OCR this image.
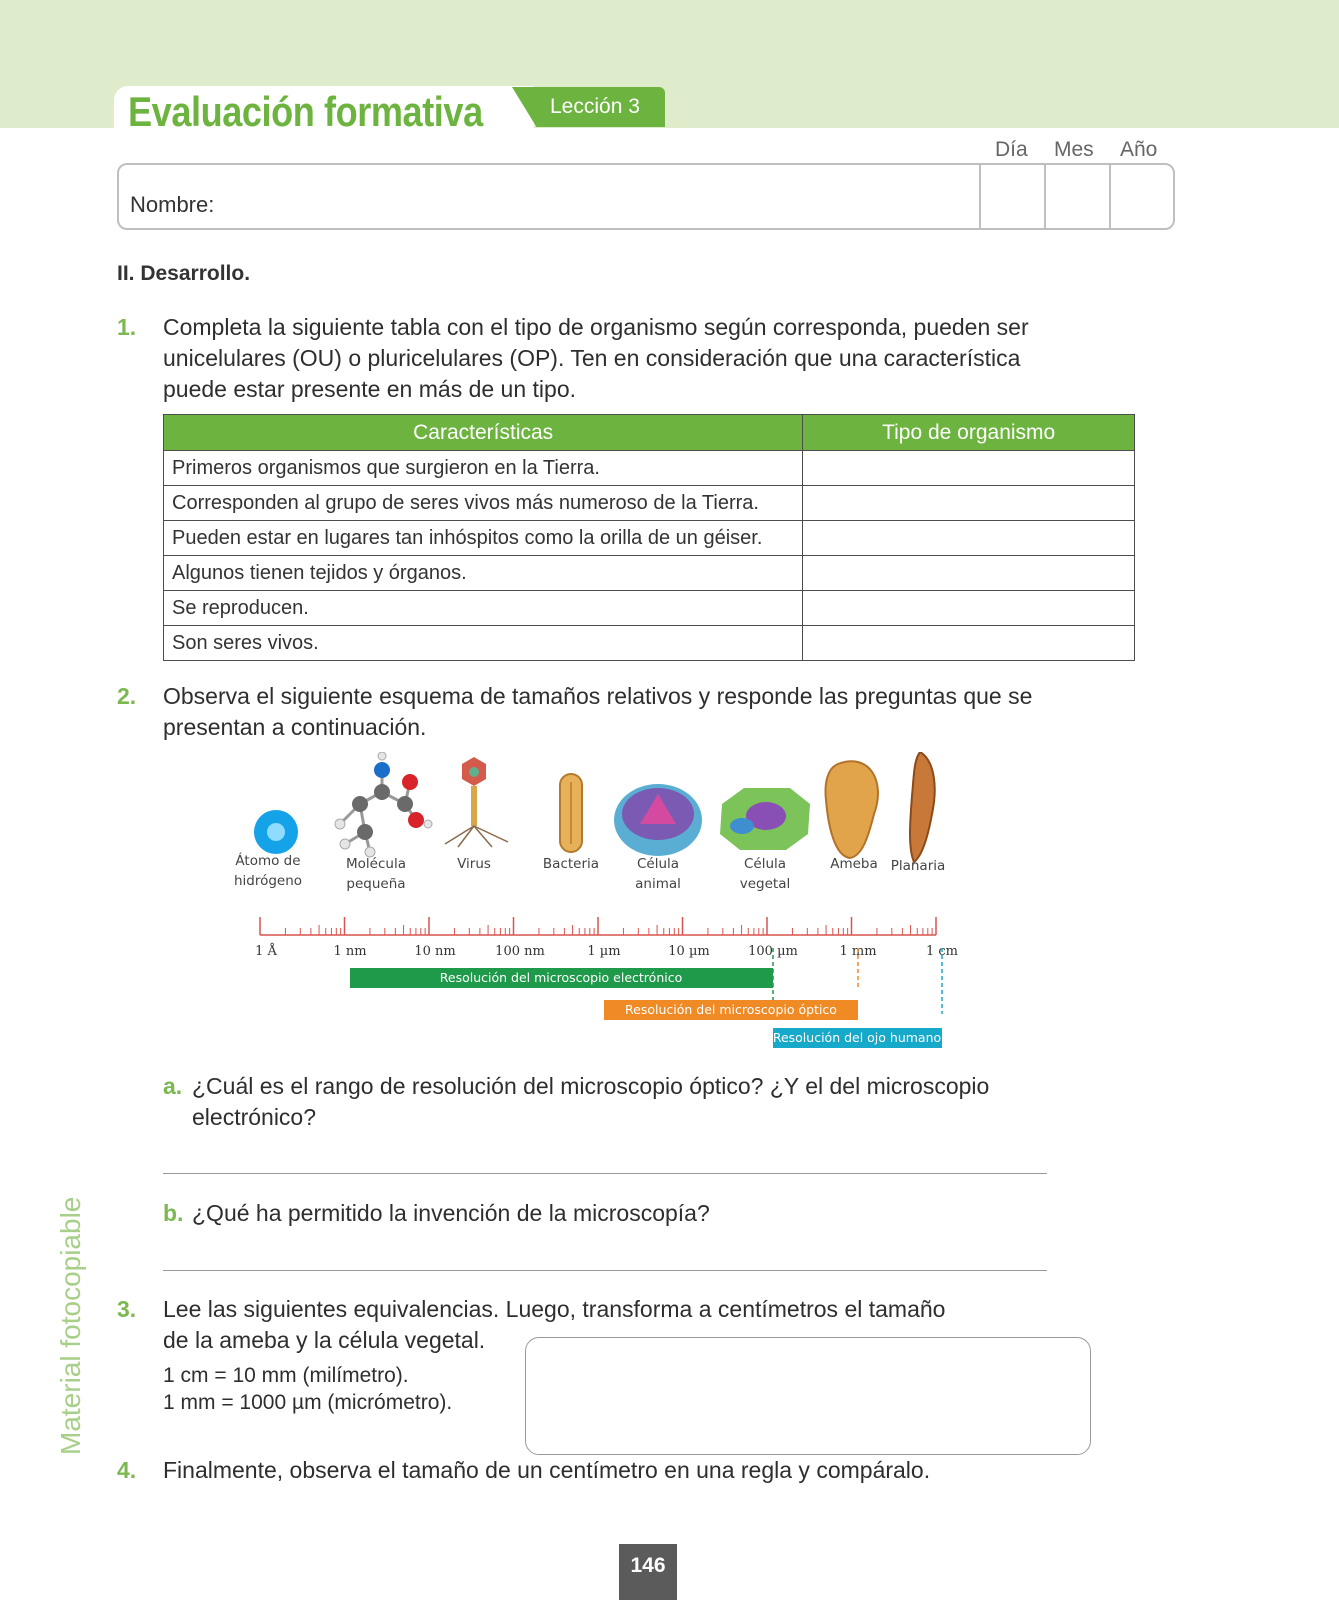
Evaluación formativa	Lección 3
Día Mes Año
Nombre:
II. Desarrollo.
1. Completa la siguiente tabla con el tipo de organismo según corresponda, pueden ser
unicelulares (OU) o pluricelulares (OP). Ten en consideración que una característica
puede estar presente en más de un tipo.
Características	Tipo de organismo
Primeros organismos que surgieron en la Tierra.	
Corresponden al grupo de seres vivos más numeroso de la Tierra.	
Pueden estar en lugares tan inhóspitos como la orilla de un géiser.	
Algunos tienen tejidos y órganos.	
Se reproducen.	
Son seres vivos.	
2. Observa el siguiente esquema de tamaños relativos y responde las preguntas que se
presentan a continuación.
Átomo de
hidrógeno
Molécula
pequeña
Virus	Bacteria	Célula
animal
Célula
vegetal
Ameba Planaria
1 Å	1 nm	10 nm	100 nm	1 µm	10 µm	100 µm	1 mm	1 cm
Resolución del microscopio electrónico
Resolución del microscopio óptico
Resolución del ojo humano
a. ¿Cuál es el rango de resolución del microscopio óptico? ¿Y el del microscopio
electrónico?
b. ¿Qué ha permitido la invención de la microscopía?
3. Lee las siguientes equivalencias. Luego, transforma a centímetros el tamaño
de la ameba y la célula vegetal.
1 cm = 10 mm (milímetro).
1 mm = 1000 µm (micrómetro).
4. Finalmente, observa el tamaño de un centímetro en una regla y compáralo.
Material fotocopiable
146
